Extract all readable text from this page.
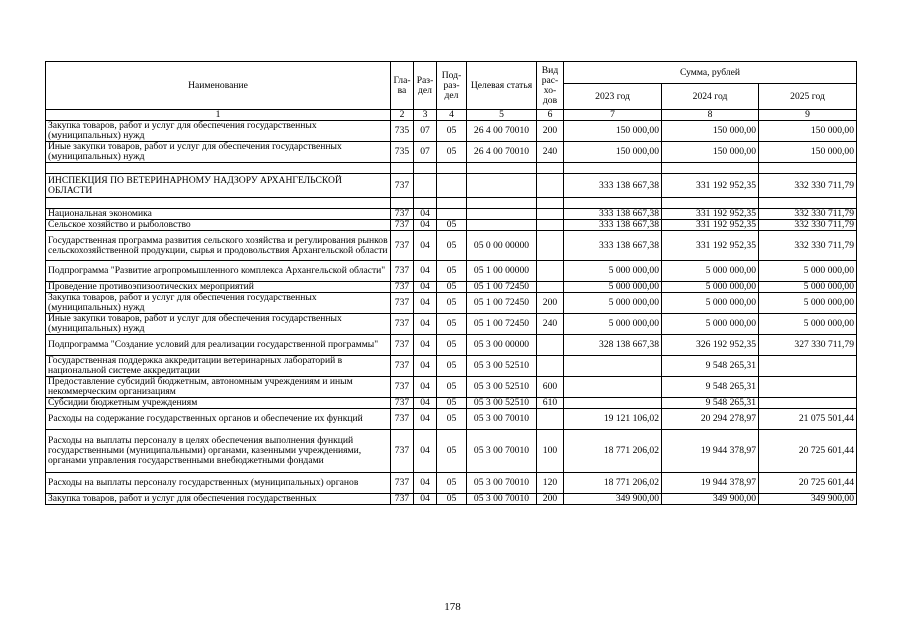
Наименование	Гла-ва	Раз-дел	Под-раз-дел	Целевая статья	Вид рас-хо-дов	Сумма, рублей		
						2023 год	2024 год	2025 год
1	2	3	4	5	6	7	8	9
Закупка товаров, работ и услуг для обеспечения государственных (муниципальных) нужд	735	07	05	26 4 00 70010	200	150 000,00	150 000,00	150 000,00
Иные закупки товаров, работ и услуг для обеспечения государственных (муниципальных) нужд	735	07	05	26 4 00 70010	240	150 000,00	150 000,00	150 000,00

ИНСПЕКЦИЯ ПО ВЕТЕРИНАРНОМУ НАДЗОРУ АРХАНГЕЛЬСКОЙ ОБЛАСТИ	737					333 138 667,38	331 192 952,35	332 330 711,79

Национальная экономика	737	04				333 138 667,38	331 192 952,35	332 330 711,79
Сельское хозяйство и рыболовство	737	04	05			333 138 667,38	331 192 952,35	332 330 711,79
Государственная программа развития сельского хозяйства и регулирования рынков сельскохозяйственной продукции, сырья и продовольствия Архангельской области	737	04	05	05 0 00 00000		333 138 667,38	331 192 952,35	332 330 711,79
Подпрограмма "Развитие агропромышленного комплекса Архангельской области"	737	04	05	05 1 00 00000		5 000 000,00	5 000 000,00	5 000 000,00
Проведение противоэпизоотических мероприятий	737	04	05	05 1 00 72450		5 000 000,00	5 000 000,00	5 000 000,00
Закупка товаров, работ и услуг для обеспечения государственных (муниципальных) нужд	737	04	05	05 1 00 72450	200	5 000 000,00	5 000 000,00	5 000 000,00
Иные закупки товаров, работ и услуг для обеспечения государственных (муниципальных) нужд	737	04	05	05 1 00 72450	240	5 000 000,00	5 000 000,00	5 000 000,00
Подпрограмма "Создание условий для реализации государственной программы"	737	04	05	05 3 00 00000		328 138 667,38	326 192 952,35	327 330 711,79
Государственная поддержка аккредитации ветеринарных лабораторий в национальной системе аккредитации	737	04	05	05 3 00 52510			9 548 265,31	
Предоставление субсидий бюджетным, автономным учреждениям и иным некоммерческим организациям	737	04	05	05 3 00 52510	600		9 548 265,31	
Субсидии бюджетным учреждениям	737	04	05	05 3 00 52510	610		9 548 265,31	
Расходы на содержание государственных органов и обеспечение их функций	737	04	05	05 3 00 70010		19 121 106,02	20 294 278,97	21 075 501,44
Расходы на выплаты персоналу в целях обеспечения выполнения функций государственными (муниципальными) органами, казенными учреждениями, органами управления государственными внебюджетными фондами	737	04	05	05 3 00 70010	100	18 771 206,02	19 944 378,97	20 725 601,44
Расходы на выплаты персоналу государственных (муниципальных) органов	737	04	05	05 3 00 70010	120	18 771 206,02	19 944 378,97	20 725 601,44
Закупка товаров, работ и услуг для обеспечения государственных	737	04	05	05 3 00 70010	200	349 900,00	349 900,00	349 900,00
178
